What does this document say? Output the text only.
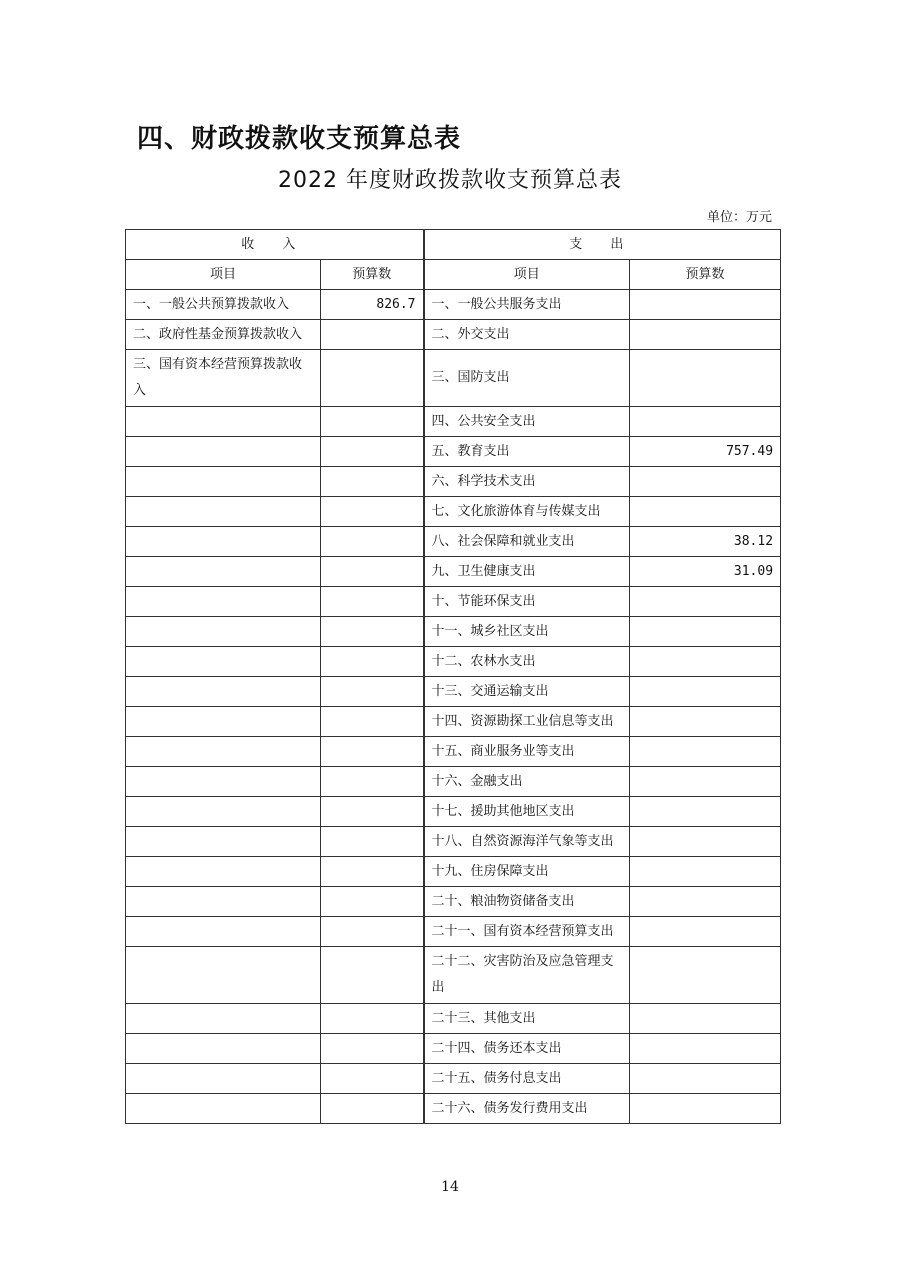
四、财政拨款收支预算总表
2022 年度财政拨款收支预算总表
单位：万元
收 入		支 出	
项目	预算数	项目	预算数
一、一般公共预算拨款收入	826.7	一、一般公共服务支出	
二、政府性基金预算拨款收入		二、外交支出	
三、国有资本经营预算拨款收入		三、国防支出	
		四、公共安全支出	
		五、教育支出	757.49
		六、科学技术支出	
		七、文化旅游体育与传媒支出	
		八、社会保障和就业支出	38.12
		九、卫生健康支出	31.09
		十、节能环保支出	
		十一、城乡社区支出	
		十二、农林水支出	
		十三、交通运输支出	
		十四、资源勘探工业信息等支出	
		十五、商业服务业等支出	
		十六、金融支出	
		十七、援助其他地区支出	
		十八、自然资源海洋气象等支出	
		十九、住房保障支出	
		二十、粮油物资储备支出	
		二十一、国有资本经营预算支出	
		二十二、灾害防治及应急管理支出	
		二十三、其他支出	
		二十四、债务还本支出	
		二十五、债务付息支出	
		二十六、债务发行费用支出	
14
